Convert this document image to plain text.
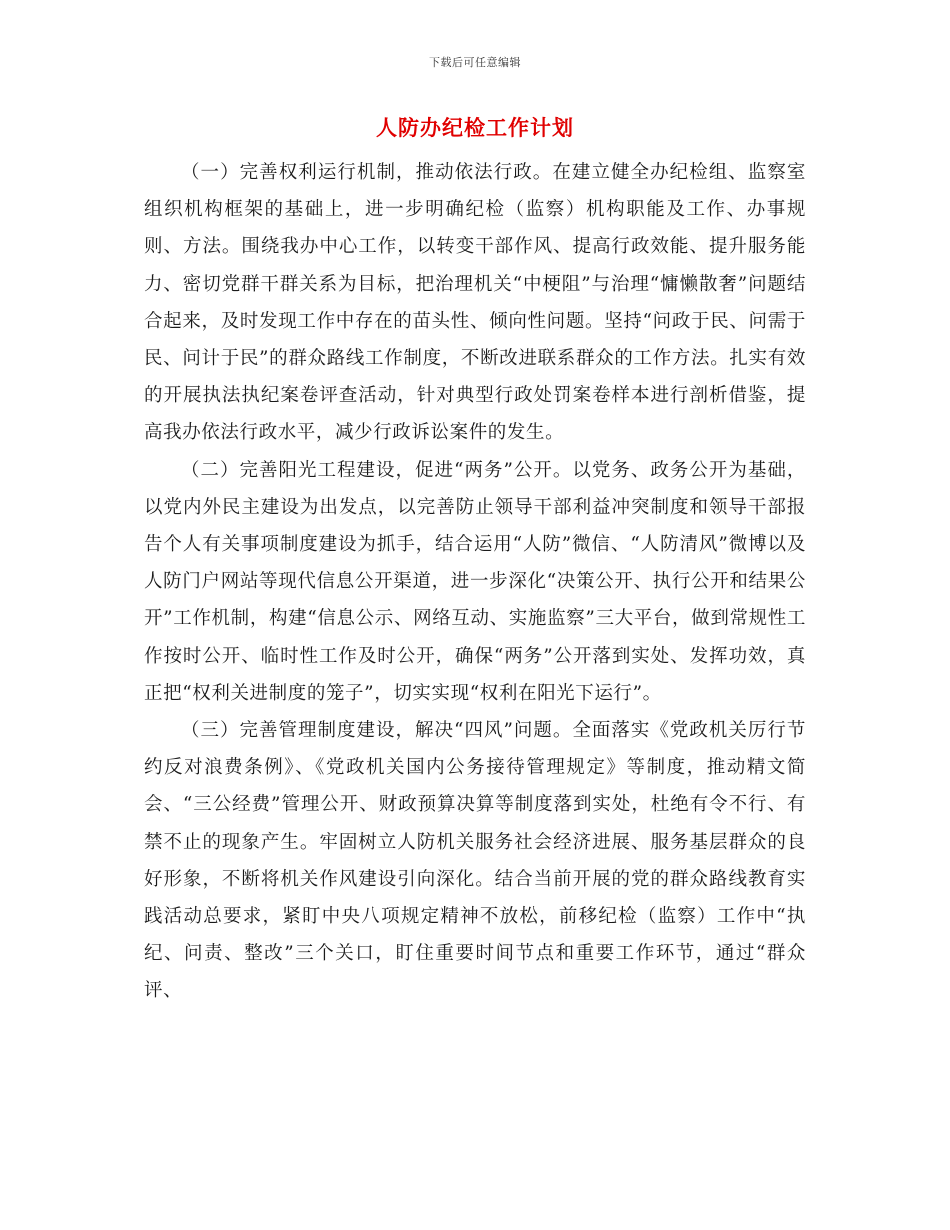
下载后可任意编辑
人防办纪检工作计划

（一）完善权利运行机制，推动依法行政。在建立健全办纪检组、监察室组织机构框架的基础上，进一步明确纪检（监察）机构职能及工作、办事规则、方法。围绕我办中心工作，以转变干部作风、提高行政效能、提升服务能力、密切党群干群关系为目标，把治理机关“中梗阻”与治理“慵懒散奢”问题结合起来，及时发现工作中存在的苗头性、倾向性问题。坚持“问政于民、问需于民、问计于民”的群众路线工作制度，不断改进联系群众的工作方法。扎实有效的开展执法执纪案卷评查活动，针对典型行政处罚案卷样本进行剖析借鉴，提高我办依法行政水平，减少行政诉讼案件的发生。

（二）完善阳光工程建设，促进“两务”公开。以党务、政务公开为基础，以党内外民主建设为出发点，以完善防止领导干部利益冲突制度和领导干部报告个人有关事项制度建设为抓手，结合运用“人防”微信、“人防清风”微博以及人防门户网站等现代信息公开渠道，进一步深化“决策公开、执行公开和结果公开”工作机制，构建“信息公示、网络互动、实施监察”三大平台，做到常规性工作按时公开、临时性工作及时公开，确保“两务”公开落到实处、发挥功效，真正把“权利关进制度的笼子”，切实实现“权利在阳光下运行”。

（三）完善管理制度建设，解决“四风”问题。全面落实《党政机关厉行节约反对浪费条例》、《党政机关国内公务接待管理规定》等制度，推动精文简会、“三公经费”管理公开、财政预算决算等制度落到实处，杜绝有令不行、有禁不止的现象产生。牢固树立人防机关服务社会经济进展、服务基层群众的良好形象，不断将机关作风建设引向深化。结合当前开展的党的群众路线教育实践活动总要求，紧盯中央八项规定精神不放松，前移纪检（监察）工作中“执纪、问责、整改”三个关口，盯住重要时间节点和重要工作环节，通过“群众评、
